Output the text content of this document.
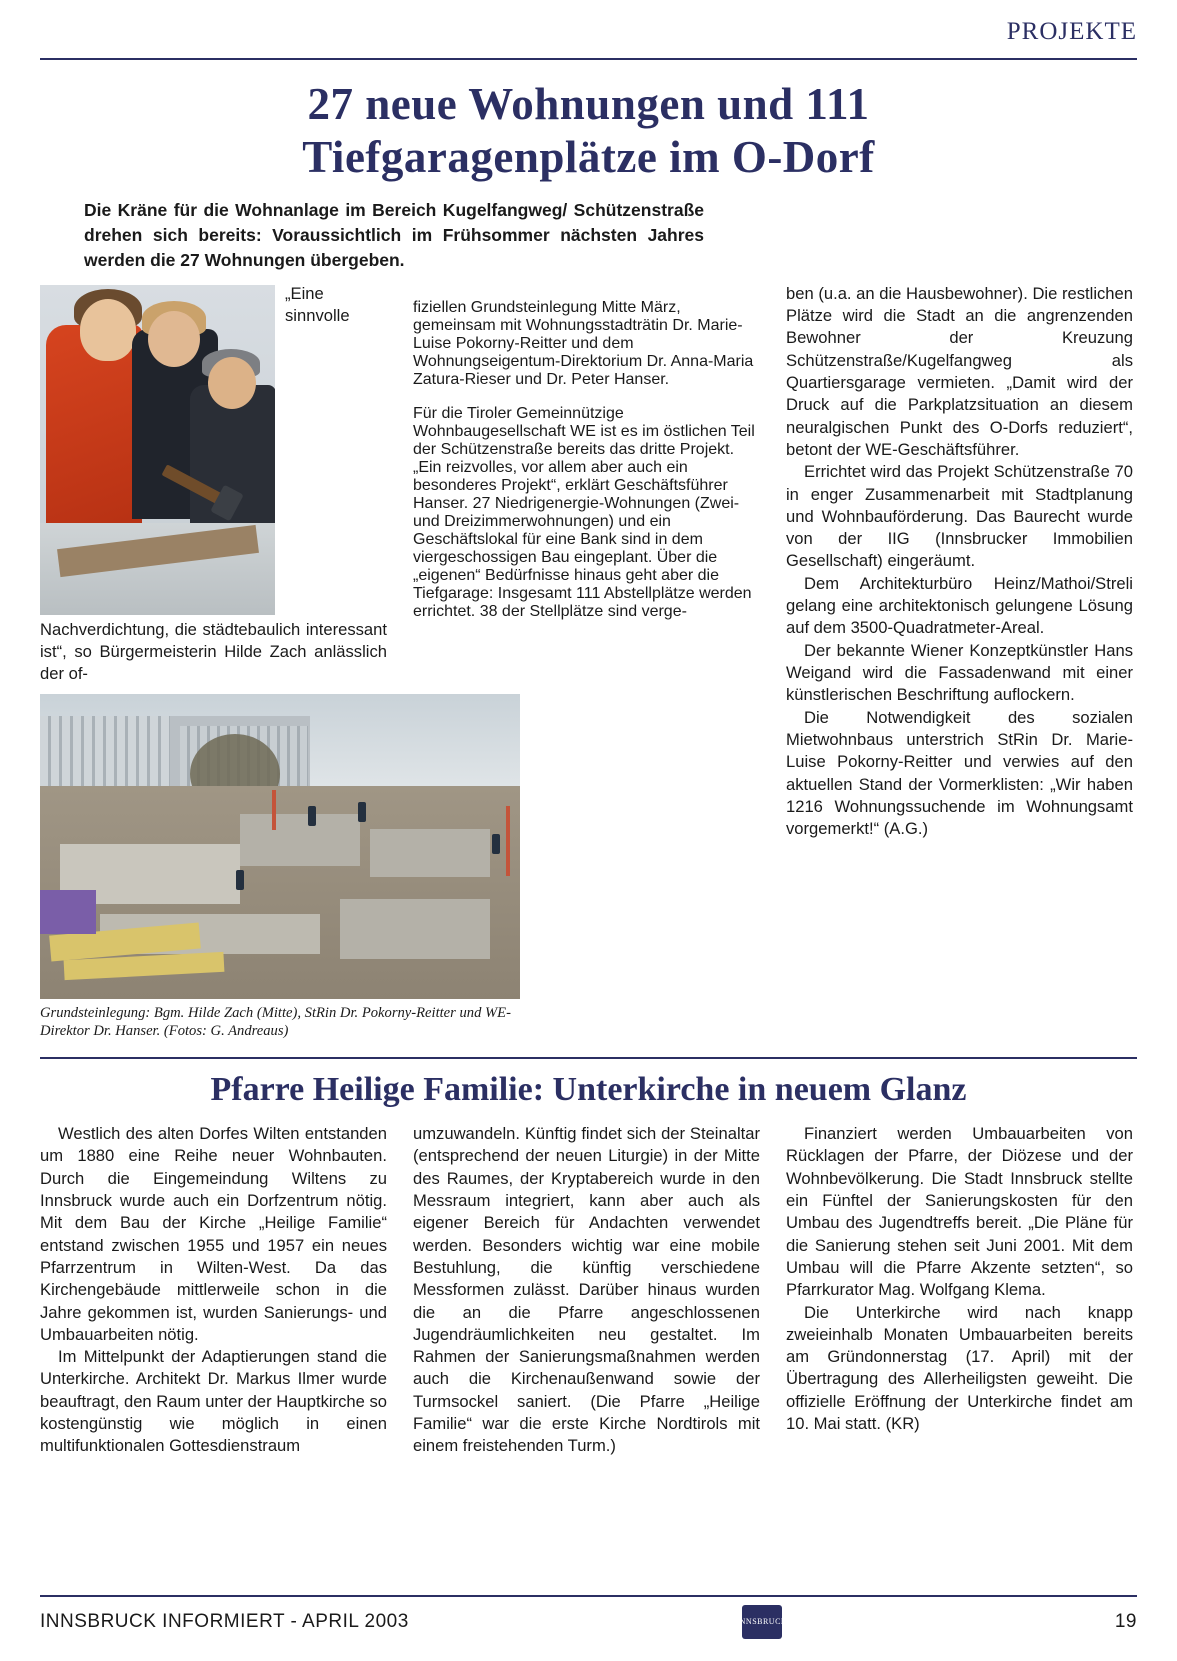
PROJEKTE
27 neue Wohnungen und 111
Tiefgaragenplätze im O-Dorf
Die Kräne für die Wohnanlage im Bereich Kugelfangweg/ Schützenstraße drehen sich bereits: Voraussichtlich im Frühsommer nächsten Jahres werden die 27 Wohnungen übergeben.
„Eine sinnvolle Nachverdichtung, die städtebaulich interessant ist“, so Bürgermeisterin Hilde Zach anlässlich der of-

fiziellen Grundsteinlegung Mitte März, gemeinsam mit Wohnungsstadträtin Dr. Marie-Luise Pokorny-Reitter und dem Wohnungseigentum-Direktorium Dr. Anna-Maria Zatura-Rieser und Dr. Peter Hanser.

Für die Tiroler Gemeinnützige Wohnbaugesellschaft WE ist es im östlichen Teil der Schützenstraße bereits das dritte Projekt. „Ein reizvolles, vor allem aber auch ein besonderes Projekt“, erklärt Geschäftsführer Hanser. 27 Niedrigenergie-Wohnungen (Zwei- und Dreizimmerwohnungen) und ein Geschäftslokal für eine Bank sind in dem viergeschossigen Bau eingeplant. Über die „eigenen“ Bedürfnisse hinaus geht aber die Tiefgarage: Insgesamt 111 Abstellplätze werden errichtet. 38 der Stellplätze sind verge-

Grundsteinlegung: Bgm. Hilde Zach (Mitte), StRin Dr. Pokorny-Reitter und WE-Direktor Dr. Hanser. (Fotos: G. Andreaus)

ben (u.a. an die Hausbewohner). Die restlichen Plätze wird die Stadt an die angrenzenden Bewohner der Kreuzung Schützenstraße/Kugelfangweg als Quartiersgarage vermieten. „Damit wird der Druck auf die Parkplatzsituation an diesem neuralgischen Punkt des O-Dorfs reduziert“, betont der WE-Geschäftsführer.

Errichtet wird das Projekt Schützenstraße 70 in enger Zusammenarbeit mit Stadtplanung und Wohnbauförderung. Das Baurecht wurde von der IIG (Innsbrucker Immobilien Gesellschaft) eingeräumt.

Dem Architekturbüro Heinz/Mathoi/Streli gelang eine architektonisch gelungene Lösung auf dem 3500-Quadratmeter-Areal.

Der bekannte Wiener Konzeptkünstler Hans Weigand wird die Fassadenwand mit einer künstlerischen Beschriftung auflockern.

Die Notwendigkeit des sozialen Mietwohnbaus unterstrich StRin Dr. Marie-Luise Pokorny-Reitter und verwies auf den aktuellen Stand der Vormerklisten: „Wir haben 1216 Wohnungssuchende im Wohnungsamt vorgemerkt!“ (A.G.)

Pfarre Heilige Familie: Unterkirche in neuem Glanz

Westlich des alten Dorfes Wilten entstanden um 1880 eine Reihe neuer Wohnbauten. Durch die Eingemeindung Wiltens zu Innsbruck wurde auch ein Dorfzentrum nötig. Mit dem Bau der Kirche „Heilige Familie“ entstand zwischen 1955 und 1957 ein neues Pfarrzentrum in Wilten-West. Da das Kirchengebäude mittlerweile schon in die Jahre gekommen ist, wurden Sanierungs- und Umbauarbeiten nötig.

Im Mittelpunkt der Adaptierungen stand die Unterkirche. Architekt Dr. Markus Ilmer wurde beauftragt, den Raum unter der Hauptkirche so kostengünstig wie möglich in einen multifunktionalen Gottesdienstraum

umzuwandeln. Künftig findet sich der Steinaltar (entsprechend der neuen Liturgie) in der Mitte des Raumes, der Kryptabereich wurde in den Messraum integriert, kann aber auch als eigener Bereich für Andachten verwendet werden. Besonders wichtig war eine mobile Bestuhlung, die künftig verschiedene Messformen zulässt. Darüber hinaus wurden die an die Pfarre angeschlossenen Jugendräumlichkeiten neu gestaltet. Im Rahmen der Sanierungsmaßnahmen werden auch die Kirchenaußenwand sowie der Turmsockel saniert. (Die Pfarre „Heilige Familie“ war die erste Kirche Nordtirols mit einem freistehenden Turm.)

Finanziert werden Umbauarbeiten von Rücklagen der Pfarre, der Diözese und der Wohnbevölkerung. Die Stadt Innsbruck stellte ein Fünftel der Sanierungskosten für den Umbau des Jugendtreffs bereit. „Die Pläne für die Sanierung stehen seit Juni 2001. Mit dem Umbau will die Pfarre Akzente setzten“, so Pfarrkurator Mag. Wolfgang Klema.

Die Unterkirche wird nach knapp zweieinhalb Monaten Umbauarbeiten bereits am Gründonnerstag (17. April) mit der Übertragung des Allerheiligsten geweiht. Die offizielle Eröffnung der Unterkirche findet am 10. Mai statt. (KR)

INNSBRUCK INFORMIERT - APRIL 2003	INNSBRUCK	19
